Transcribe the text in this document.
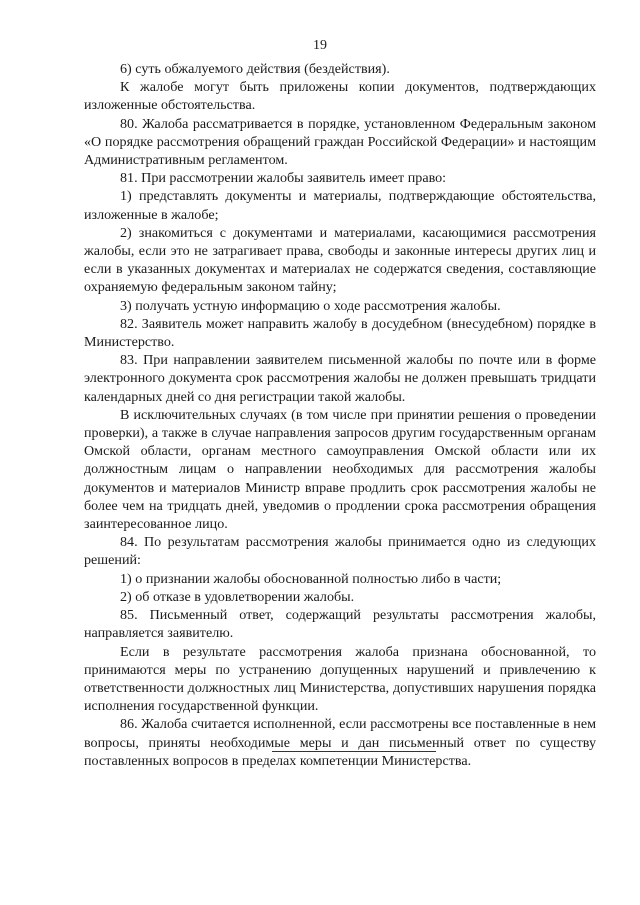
19

6) суть обжалуемого действия (бездействия).

К жалобе могут быть приложены копии документов, подтверждающих изложенные обстоятельства.

80. Жалоба рассматривается в порядке, установленном Федеральным законом «О порядке рассмотрения обращений граждан Российской Федерации» и настоящим Административным регламентом.

81. При рассмотрении жалобы заявитель имеет право:

1) представлять документы и материалы, подтверждающие обстоятельства, изложенные в жалобе;

2) знакомиться с документами и материалами, касающимися рассмотрения жалобы, если это не затрагивает права, свободы и законные интересы других лиц и если в указанных документах и материалах не содержатся сведения, составляющие охраняемую федеральным законом тайну;

3) получать устную информацию о ходе рассмотрения жалобы.

82. Заявитель может направить жалобу в досудебном (внесудебном) порядке в Министерство.

83. При направлении заявителем письменной жалобы по почте или в форме электронного документа срок рассмотрения жалобы не должен превышать тридцати календарных дней со дня регистрации такой жалобы.

В исключительных случаях (в том числе при принятии решения о проведении проверки), а также в случае направления запросов другим государственным органам Омской области, органам местного самоуправления Омской области или их должностным лицам о направлении необходимых для рассмотрения жалобы документов и материалов Министр вправе продлить срок рассмотрения жалобы не более чем на тридцать дней, уведомив о продлении срока рассмотрения обращения заинтересованное лицо.

84. По результатам рассмотрения жалобы принимается одно из следующих решений:

1) о признании жалобы обоснованной полностью либо в части;

2) об отказе в удовлетворении жалобы.

85. Письменный ответ, содержащий результаты рассмотрения жалобы, направляется заявителю.

Если в результате рассмотрения жалоба признана обоснованной, то принимаются меры по устранению допущенных нарушений и привлечению к ответственности должностных лиц Министерства, допустивших нарушения порядка исполнения государственной функции.

86. Жалоба считается исполненной, если рассмотрены все поставленные в нем вопросы, приняты необходимые меры и дан письменный ответ по существу поставленных вопросов в пределах компетенции Министерства.
